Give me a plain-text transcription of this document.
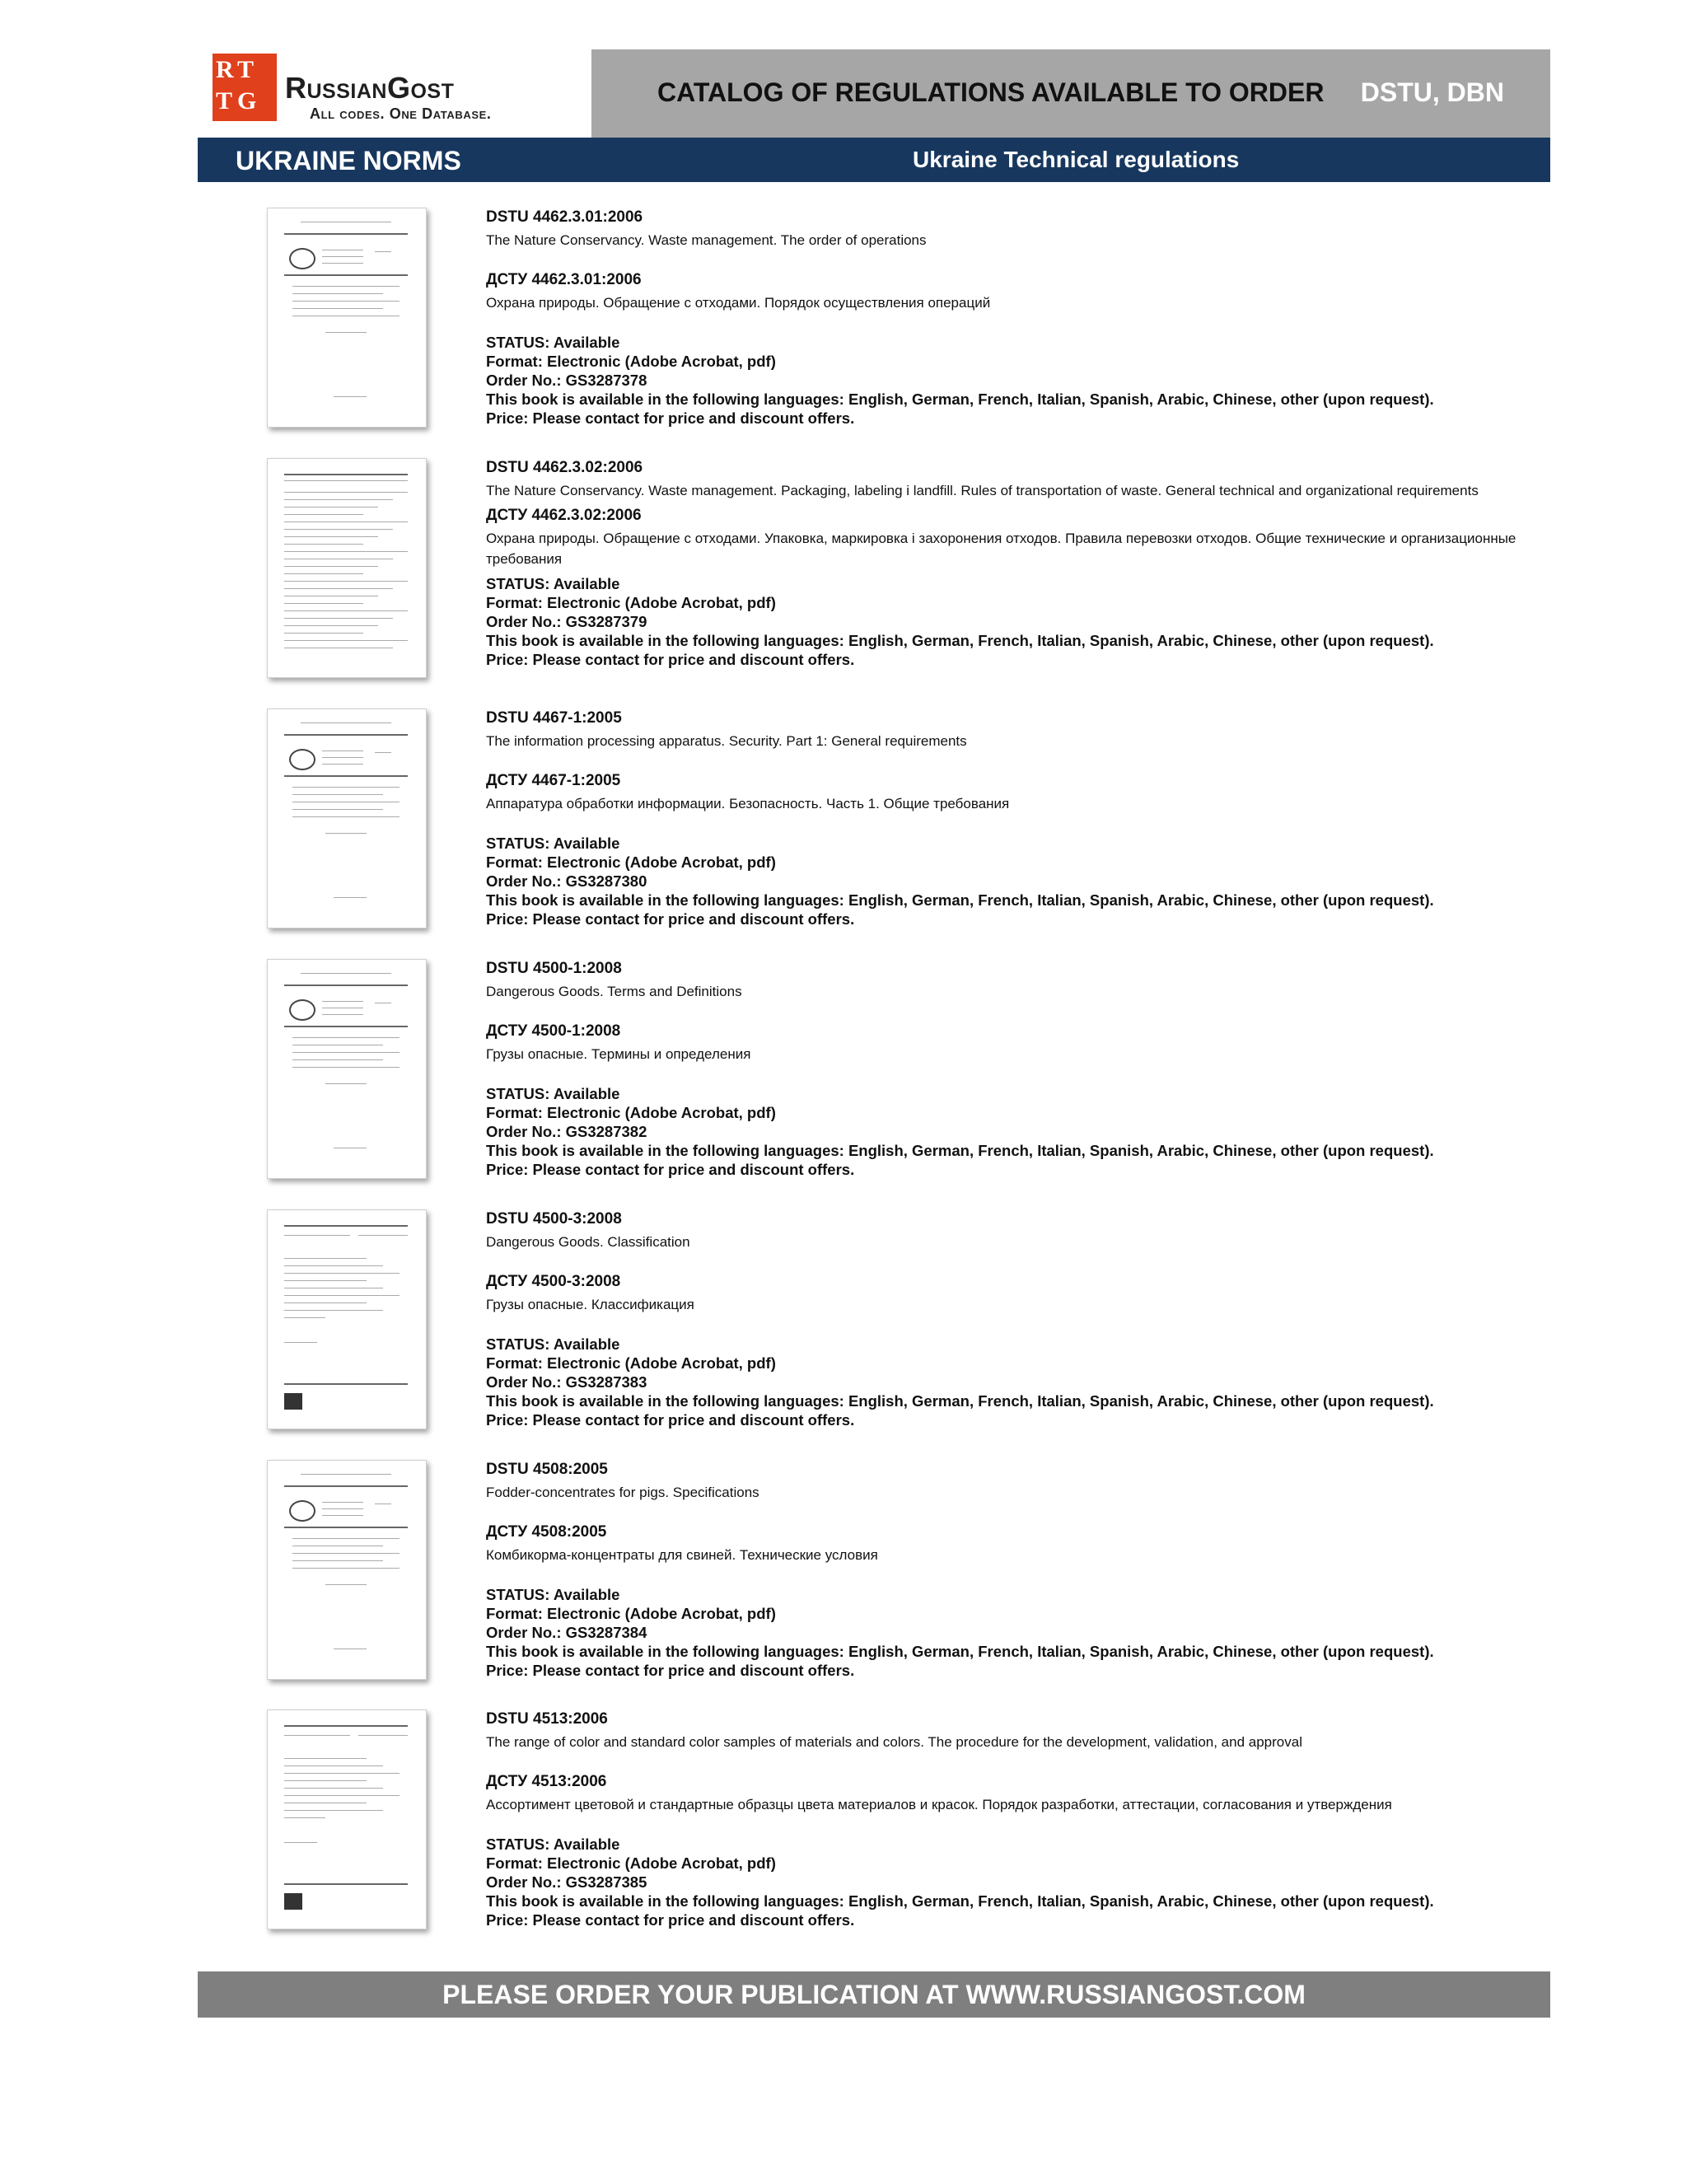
R T
T G RussianGost
All codes. One Database.
CATALOG OF REGULATIONS AVAILABLE TO ORDER DSTU, DBN
UKRAINE NORMS	Ukraine Technical regulations

DSTU 4462.3.01:2006

The Nature Conservancy. Waste management. The order of operations

ДСТУ 4462.3.01:2006

Охрана природы. Обращение с отходами. Порядок осуществления операций

STATUS: Available

Format: Electronic (Adobe Acrobat, pdf)

Order No.: GS3287378

This book is available in the following languages: English, German, French, Italian, Spanish, Arabic, Chinese, other (upon request).

Price: Please contact for price and discount offers.

DSTU 4462.3.02:2006

The Nature Conservancy. Waste management. Packaging, labeling i landfill. Rules of transportation of waste. General technical and organizational requirements

ДСТУ 4462.3.02:2006

Охрана природы. Обращение с отходами. Упаковка, маркировка і захоронения отходов. Правила перевозки отходов. Общие технические и организационные требования

STATUS: Available

Format: Electronic (Adobe Acrobat, pdf)

Order No.: GS3287379

This book is available in the following languages: English, German, French, Italian, Spanish, Arabic, Chinese, other (upon request).

Price: Please contact for price and discount offers.

DSTU 4467-1:2005

The information processing apparatus. Security. Part 1: General requirements

ДСТУ 4467-1:2005

Аппаратура обработки информации. Безопасность. Часть 1. Общие требования

STATUS: Available

Format: Electronic (Adobe Acrobat, pdf)

Order No.: GS3287380

This book is available in the following languages: English, German, French, Italian, Spanish, Arabic, Chinese, other (upon request).

Price: Please contact for price and discount offers.

DSTU 4500-1:2008

Dangerous Goods. Terms and Definitions

ДСТУ 4500-1:2008

Грузы опасные. Термины и определения

STATUS: Available

Format: Electronic (Adobe Acrobat, pdf)

Order No.: GS3287382

This book is available in the following languages: English, German, French, Italian, Spanish, Arabic, Chinese, other (upon request).

Price: Please contact for price and discount offers.

DSTU 4500-3:2008

Dangerous Goods. Classification

ДСТУ 4500-3:2008

Грузы опасные. Классификация

STATUS: Available

Format: Electronic (Adobe Acrobat, pdf)

Order No.: GS3287383

This book is available in the following languages: English, German, French, Italian, Spanish, Arabic, Chinese, other (upon request).

Price: Please contact for price and discount offers.

DSTU 4508:2005

Fodder-concentrates for pigs. Specifications

ДСТУ 4508:2005

Комбикорма-концентраты для свиней. Технические условия

STATUS: Available

Format: Electronic (Adobe Acrobat, pdf)

Order No.: GS3287384

This book is available in the following languages: English, German, French, Italian, Spanish, Arabic, Chinese, other (upon request).

Price: Please contact for price and discount offers.

DSTU 4513:2006

The range of color and standard color samples of materials and colors. The procedure for the development, validation, and approval

ДСТУ 4513:2006

Ассортимент цветовой и стандартные образцы цвета материалов и красок. Порядок разработки, аттестации, согласования и утверждения

STATUS: Available

Format: Electronic (Adobe Acrobat, pdf)

Order No.: GS3287385

This book is available in the following languages: English, German, French, Italian, Spanish, Arabic, Chinese, other (upon request).

Price: Please contact for price and discount offers.

PLEASE ORDER YOUR PUBLICATION AT WWW.RUSSIANGOST.COM
